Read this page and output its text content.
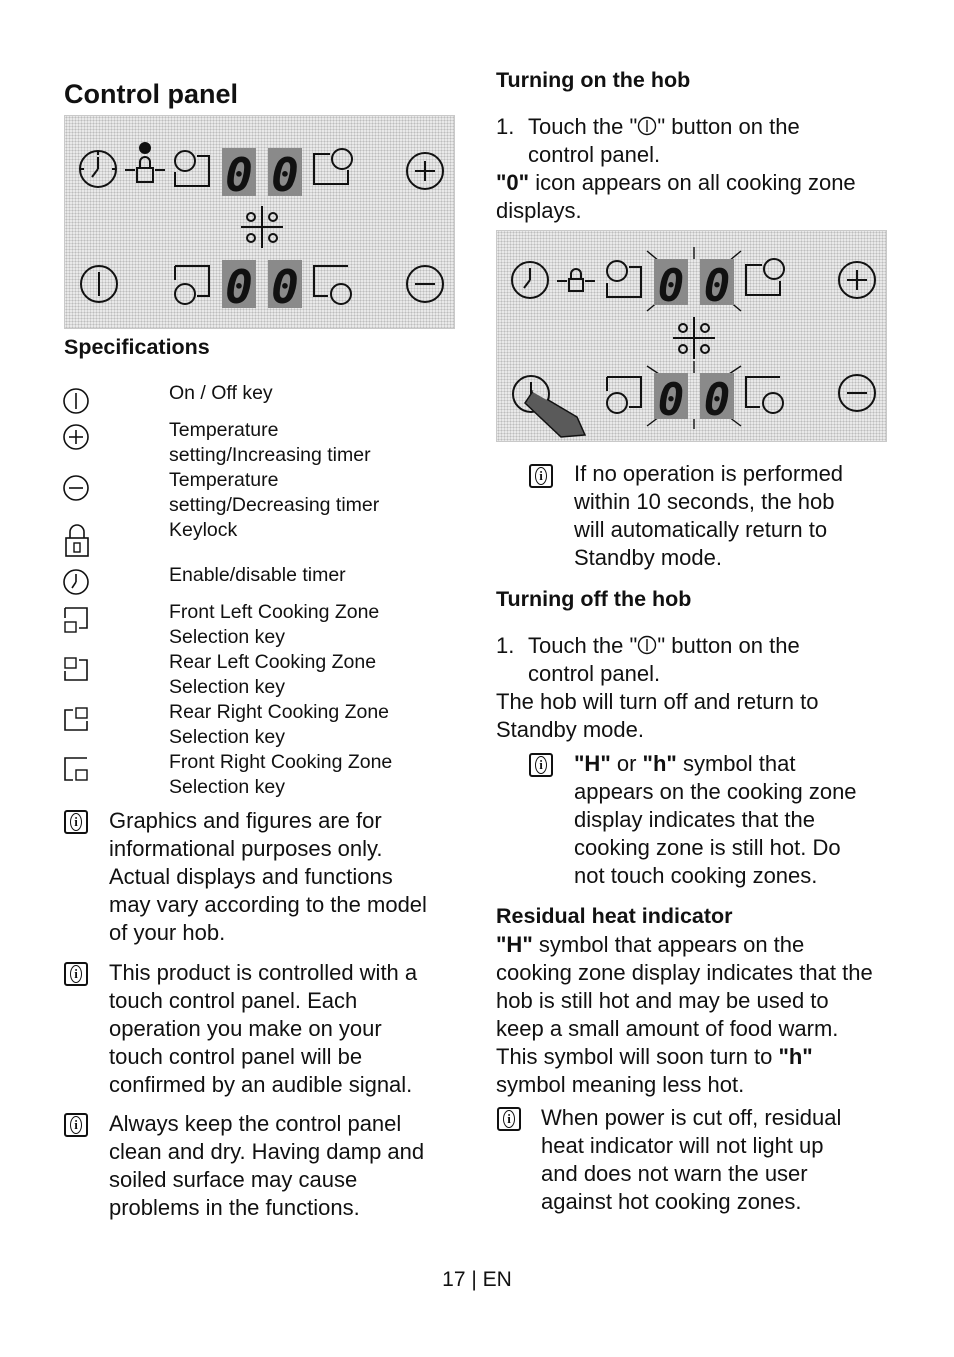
Control panel
0 0
0 0
Specifications
On / Off key
Temperature
setting/Increasing timer
Temperature
setting/Decreasing timer
Keylock
Enable/disable timer
Front Left Cooking Zone
Selection key
Rear Left Cooking Zone
Selection key
Rear Right Cooking Zone
Selection key
Front Right Cooking Zone
Selection key
i Graphics and figures are for
informational purposes only.
Actual displays and functions
may vary according to the model
of your hob.
i This product is controlled with a
touch control panel. Each
operation you make on your
touch control panel will be
confirmed by an audible signal.
i Always keep the control panel
clean and dry. Having damp and
soiled surface may cause
problems in the functions.
Turning on the hob
1. Touch the " " button on the
control panel.
"0" icon appears on all cooking zone
displays.
0 0
0 0
i If no operation is performed
within 10 seconds, the hob
will automatically return to
Standby mode.
Turning off the hob
1. Touch the " " button on the
control panel.
The hob will turn off and return to
Standby mode.
i "H" or "h" symbol that
appears on the cooking zone
display indicates that the
cooking zone is still hot. Do
not touch cooking zones.
Residual heat indicator
"H" symbol that appears on the
cooking zone display indicates that the
hob is still hot and may be used to
keep a small amount of food warm.
This symbol will soon turn to "h"
symbol meaning less hot.
i When power is cut off, residual
heat indicator will not light up
and does not warn the user
against hot cooking zones.
17 | EN
